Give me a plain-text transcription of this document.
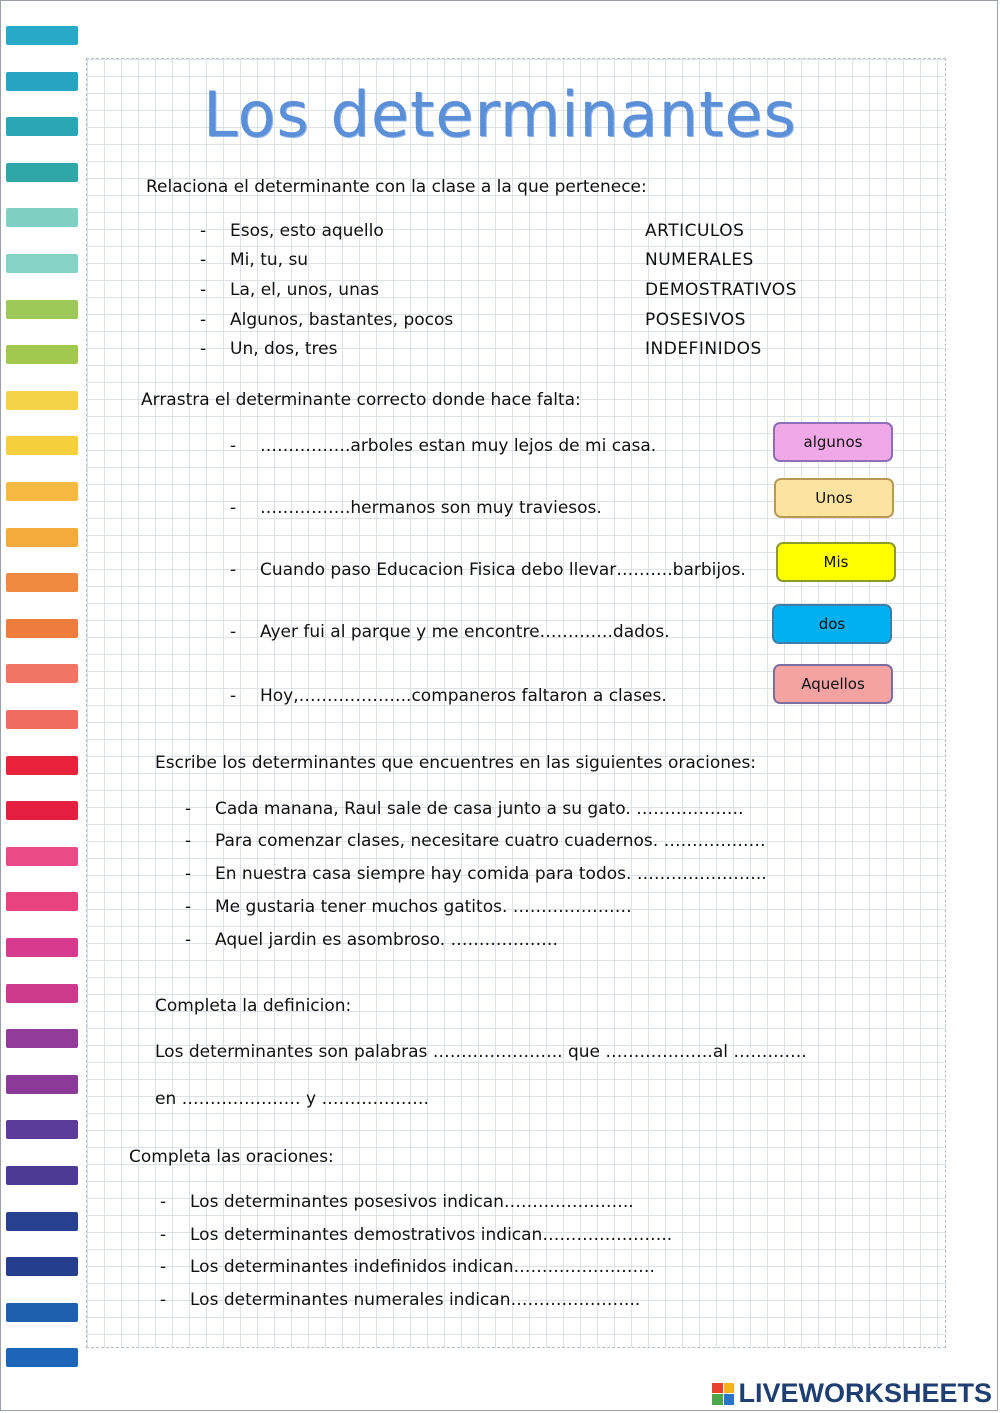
Los determinantes
Relaciona el determinante con la clase a la que pertenece:
- Esos, esto aquello
- Mi, tu, su
- La, el, unos, unas
- Algunos, bastantes, pocos
- Un, dos, tres
ARTICULOS
NUMERALES
DEMOSTRATIVOS
POSESIVOS
INDEFINIDOS
Arrastra el determinante correcto donde hace falta:
- …………….arboles estan muy lejos de mi casa.
- …………….hermanos son muy traviesos.
- Cuando paso Educacion Fisica debo llevar……….barbijos.
- Ayer fui al parque y me encontre………….dados.
- Hoy,………………..companeros faltaron a clases.
algunos
Unos
Mis
dos
Aquellos
Escribe los determinantes que encuentres en las siguientes oraciones:
- Cada manana, Raul sale de casa junto a su gato. ……………….
- Para comenzar clases, necesitare cuatro cuadernos. ………………
- En nuestra casa siempre hay comida para todos. …………………..
- Me gustaria tener muchos gatitos. …………………
- Aquel jardin es asombroso. ……………….
Completa la definicion:
Los determinantes son palabras ………………….. que ……………….al ………….
en ………………… y ……………….
Completa las oraciones:
- Los determinantes posesivos indican…………………..
- Los determinantes demostrativos indican…………………..
- Los determinantes indefinidos indican…………………….
- Los determinantes numerales indican…………………..
LIVEWORKSHEETS
